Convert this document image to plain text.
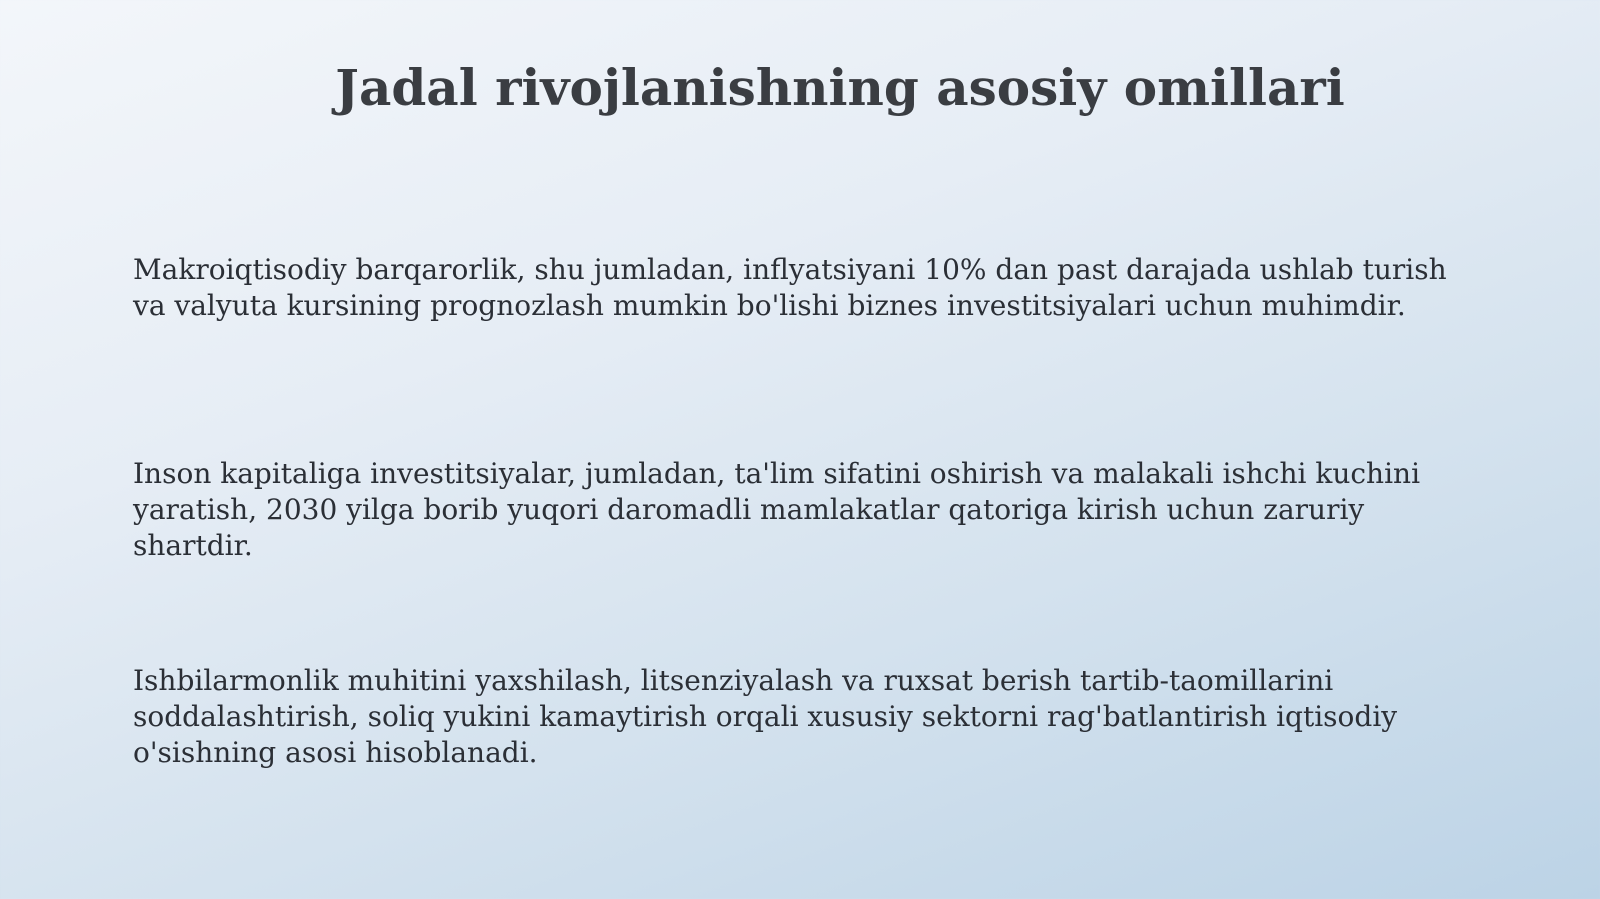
Jadal rivojlanishning asosiy omillari

Makroiqtisodiy barqarorlik, shu jumladan, inflyatsiyani 10% dan past darajada ushlab turish va valyuta kursining prognozlash mumkin bo'lishi biznes investitsiyalari uchun muhimdir.

Inson kapitaliga investitsiyalar, jumladan, ta'lim sifatini oshirish va malakali ishchi kuchini yaratish, 2030 yilga borib yuqori daromadli mamlakatlar qatoriga kirish uchun zaruriy shartdir.

Ishbilarmonlik muhitini yaxshilash, litsenziyalash va ruxsat berish tartib-taomillarini soddalashtirish, soliq yukini kamaytirish orqali xususiy sektorni rag'batlantirish iqtisodiy o'sishning asosi hisoblanadi.
